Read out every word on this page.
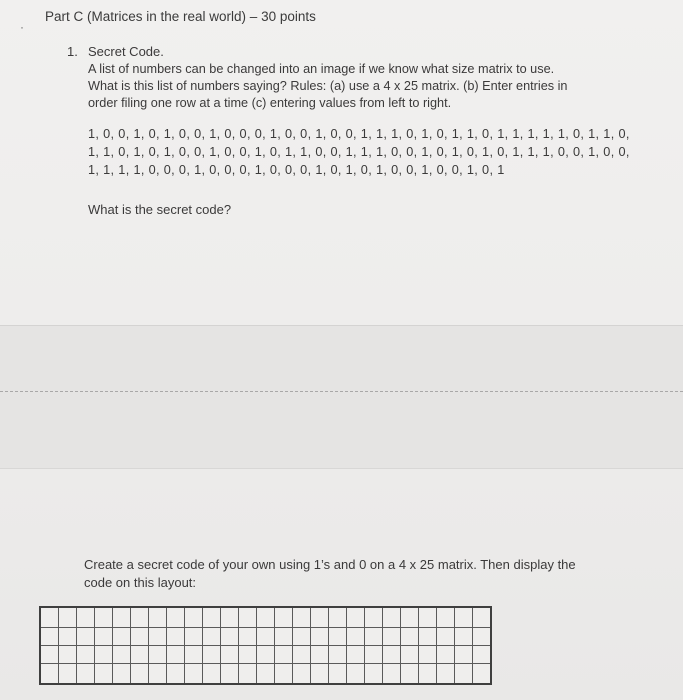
·
Part C (Matrices in the real world) – 30 points
1. Secret Code.
A list of numbers can be changed into an image if we know what size matrix to use.
What is this list of numbers saying? Rules: (a) use a 4 x 25 matrix. (b) Enter entries in
order filing one row at a time (c) entering values from left to right.
1, 0, 0, 1, 0, 1, 0, 0, 1, 0, 0, 0, 1, 0, 0, 1, 0, 0, 1, 1, 1, 0, 1, 0, 1, 1, 0, 1, 1, 1, 1, 1, 0, 1, 1, 0,
1, 1, 0, 1, 0, 1, 0, 0, 1, 0, 0, 1, 0, 1, 1, 0, 0, 1, 1, 1, 0, 0, 1, 0, 1, 0, 1, 0, 1, 1, 1, 0, 0, 1, 0, 0,
1, 1, 1, 1, 0, 0, 0, 1, 0, 0, 0, 1, 0, 0, 0, 1, 0, 1, 0, 1, 0, 0, 1, 0, 0, 1, 0, 1
What is the secret code?
Create a secret code of your own using 1’s and 0 on a 4 x 25 matrix. Then display the
code on this layout:
